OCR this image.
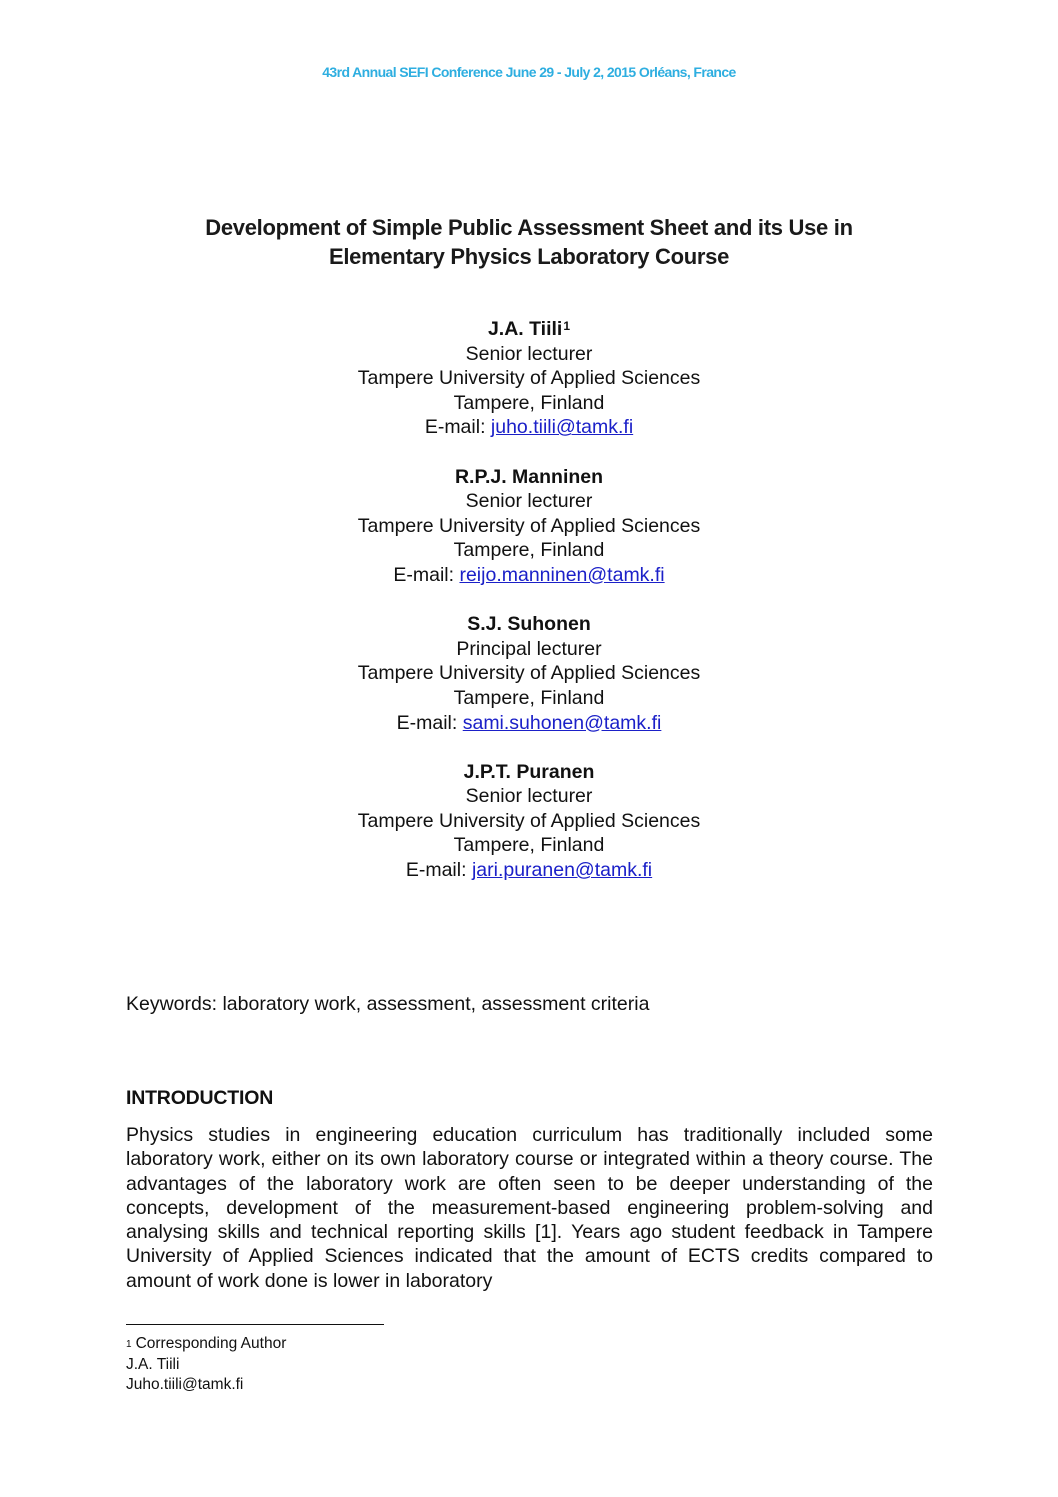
43rd Annual SEFI Conference June 29 - July 2, 2015 Orléans, France
Development of Simple Public Assessment Sheet and its Use in
Elementary Physics Laboratory Course
J.A. Tiili$^1$
Senior lecturer
Tampere University of Applied Sciences
Tampere, Finland
E-mail: juho.tiili@tamk.fi
R.P.J. Manninen
Senior lecturer
Tampere University of Applied Sciences
Tampere, Finland
E-mail: reijo.manninen@tamk.fi
S.J. Suhonen
Principal lecturer
Tampere University of Applied Sciences
Tampere, Finland
E-mail: sami.suhonen@tamk.fi
J.P.T. Puranen
Senior lecturer
Tampere University of Applied Sciences
Tampere, Finland
E-mail: jari.puranen@tamk.fi
Keywords: laboratory work, assessment, assessment criteria
INTRODUCTION
Physics studies in engineering education curriculum has traditionally included some laboratory work, either on its own laboratory course or integrated within a theory course. The advantages of the laboratory work are often seen to be deeper understanding of the concepts, development of the measurement-based engineering problem-solving and analysing skills and technical reporting skills [1]. Years ago student feedback in Tampere University of Applied Sciences indicated that the amount of ECTS credits compared to amount of work done is lower in laboratory
$^1$ Corresponding Author
J.A. Tiili
Juho.tiili@tamk.fi
